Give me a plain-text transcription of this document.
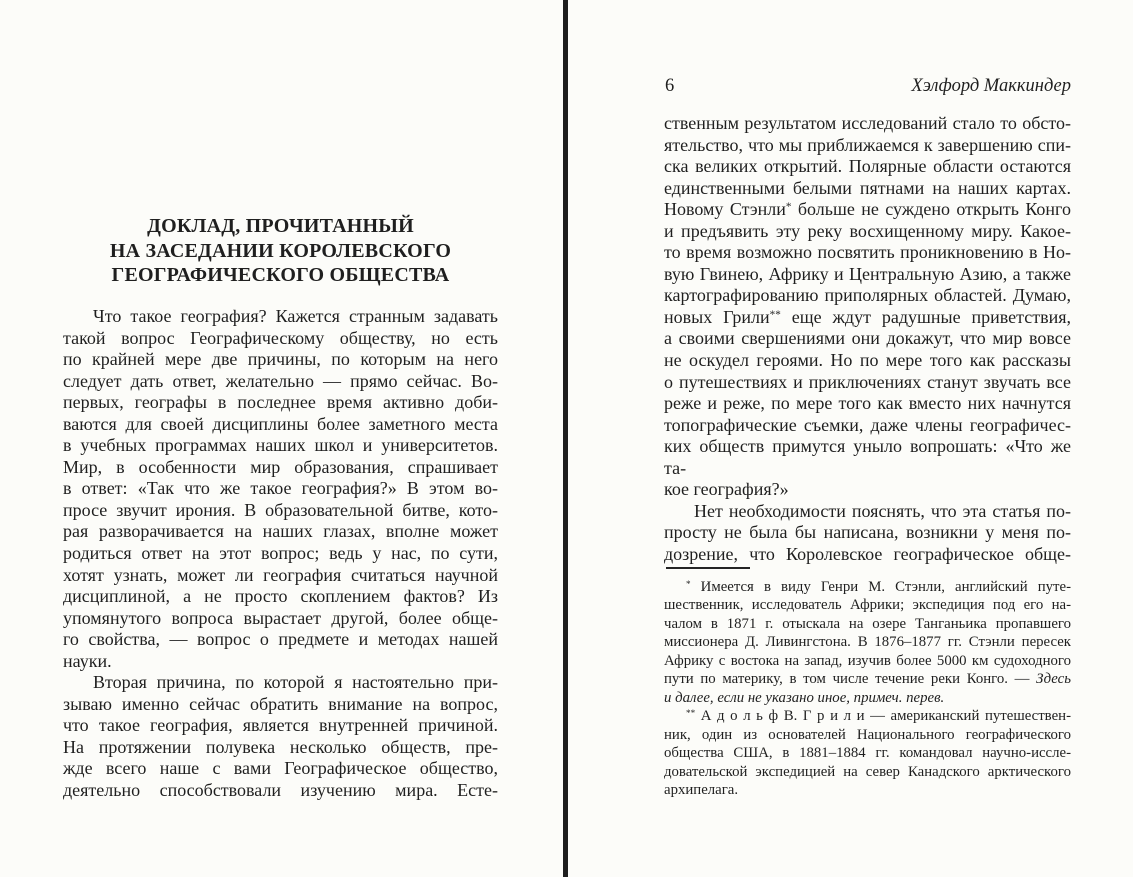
ДОКЛАД, ПРОЧИТАННЫЙ
НА ЗАСЕДАНИИ КОРОЛЕВСКОГО
ГЕОГРАФИЧЕСКОГО ОБЩЕСТВА
Что такое география? Кажется странным задавать
такой вопрос Географическому обществу, но есть
по крайней мере две причины, по которым на него
следует дать ответ, желательно — прямо сейчас. Во-
первых, географы в последнее время активно доби-
ваются для своей дисциплины более заметного места
в учебных программах наших школ и университетов.
Мир, в особенности мир образования, спрашивает
в ответ: «Так что же такое география?» В этом во-
просе звучит ирония. В образовательной битве, кото-
рая разворачивается на наших глазах, вполне может
родиться ответ на этот вопрос; ведь у нас, по сути,
хотят узнать, может ли география считаться научной
дисциплиной, а не просто скоплением фактов? Из
упомянутого вопроса вырастает другой, более обще-
го свойства, — вопрос о предмете и методах нашей
науки.
Вторая причина, по которой я настоятельно при-
зываю именно сейчас обратить внимание на вопрос,
что такое география, является внутренней причиной.
На протяжении полувека несколько обществ, пре-
жде всего наше с вами Географическое общество,
деятельно способствовали изучению мира. Есте-
6	Хэлфорд Маккиндер
ственным результатом исследований стало то обсто-
ятельство, что мы приближаемся к завершению спи-
ска великих открытий. Полярные области остаются
единственными белыми пятнами на наших картах.
Новому Стэнли* больше не суждено открыть Конго
и предъявить эту реку восхищенному миру. Какое-
то время возможно посвятить проникновению в Но-
вую Гвинею, Африку и Центральную Азию, а также
картографированию приполярных областей. Думаю,
новых Грили** еще ждут радушные приветствия,
а своими свершениями они докажут, что мир вовсе
не оскудел героями. Но по мере того как рассказы
о путешествиях и приключениях станут звучать все
реже и реже, по мере того как вместо них начнутся
топографические съемки, даже члены географичес-
ких обществ примутся уныло вопрошать: «Что же та-
кое география?»
Нет необходимости пояснять, что эта статья по-
просту не была бы написана, возникни у меня по-
дозрение, что Королевское географическое обще-
* Имеется в виду Генри М. Стэнли, английский путе-
шественник, исследователь Африки; экспедиция под его на-
чалом в 1871 г. отыскала на озере Танганьика пропавшего
миссионера Д. Ливингстона. В 1876–1877 гг. Стэнли пересек
Африку с востока на запад, изучив более 5000 км судоходного
пути по материку, в том числе течение реки Конго. — Здесь
и далее, если не указано иное, примеч. перев.
** А д о л ь ф В. Г р и л и — американский путешествен-
ник, один из основателей Национального географического
общества США, в 1881–1884 гг. командовал научно-иссле-
довательской экспедицией на север Канадского арктического
архипелага.
